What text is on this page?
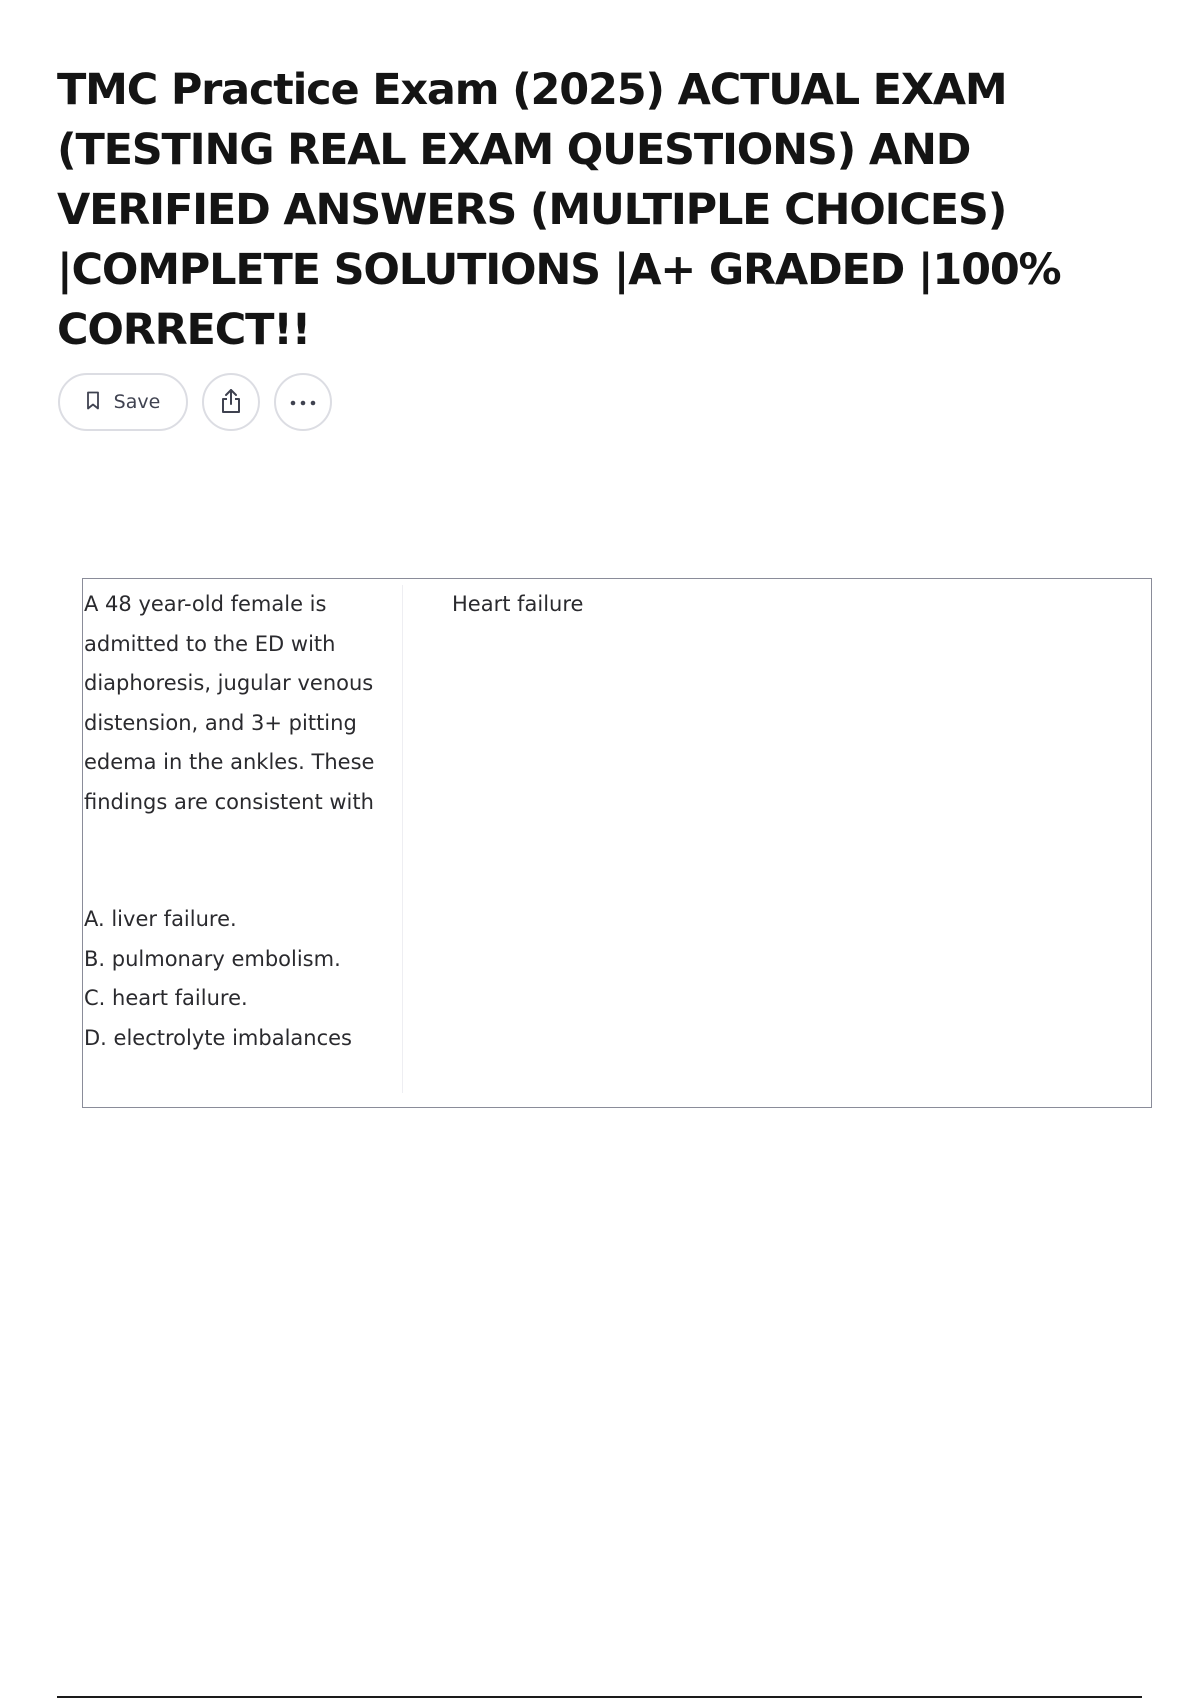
TMC Practice Exam (2025) ACTUAL EXAM (TESTING REAL EXAM QUESTIONS) AND VERIFIED ANSWERS (MULTIPLE CHOICES) |COMPLETE SOLUTIONS |A+ GRADED |100% CORRECT!!
Save

A 48 year-old female is admitted to the ED with diaphoresis, jugular venous distension, and 3+ pitting edema in the ankles. These findings are consistent with

A. liver failure.
B. pulmonary embolism.
C. heart failure.
D. electrolyte imbalances
Heart failure
